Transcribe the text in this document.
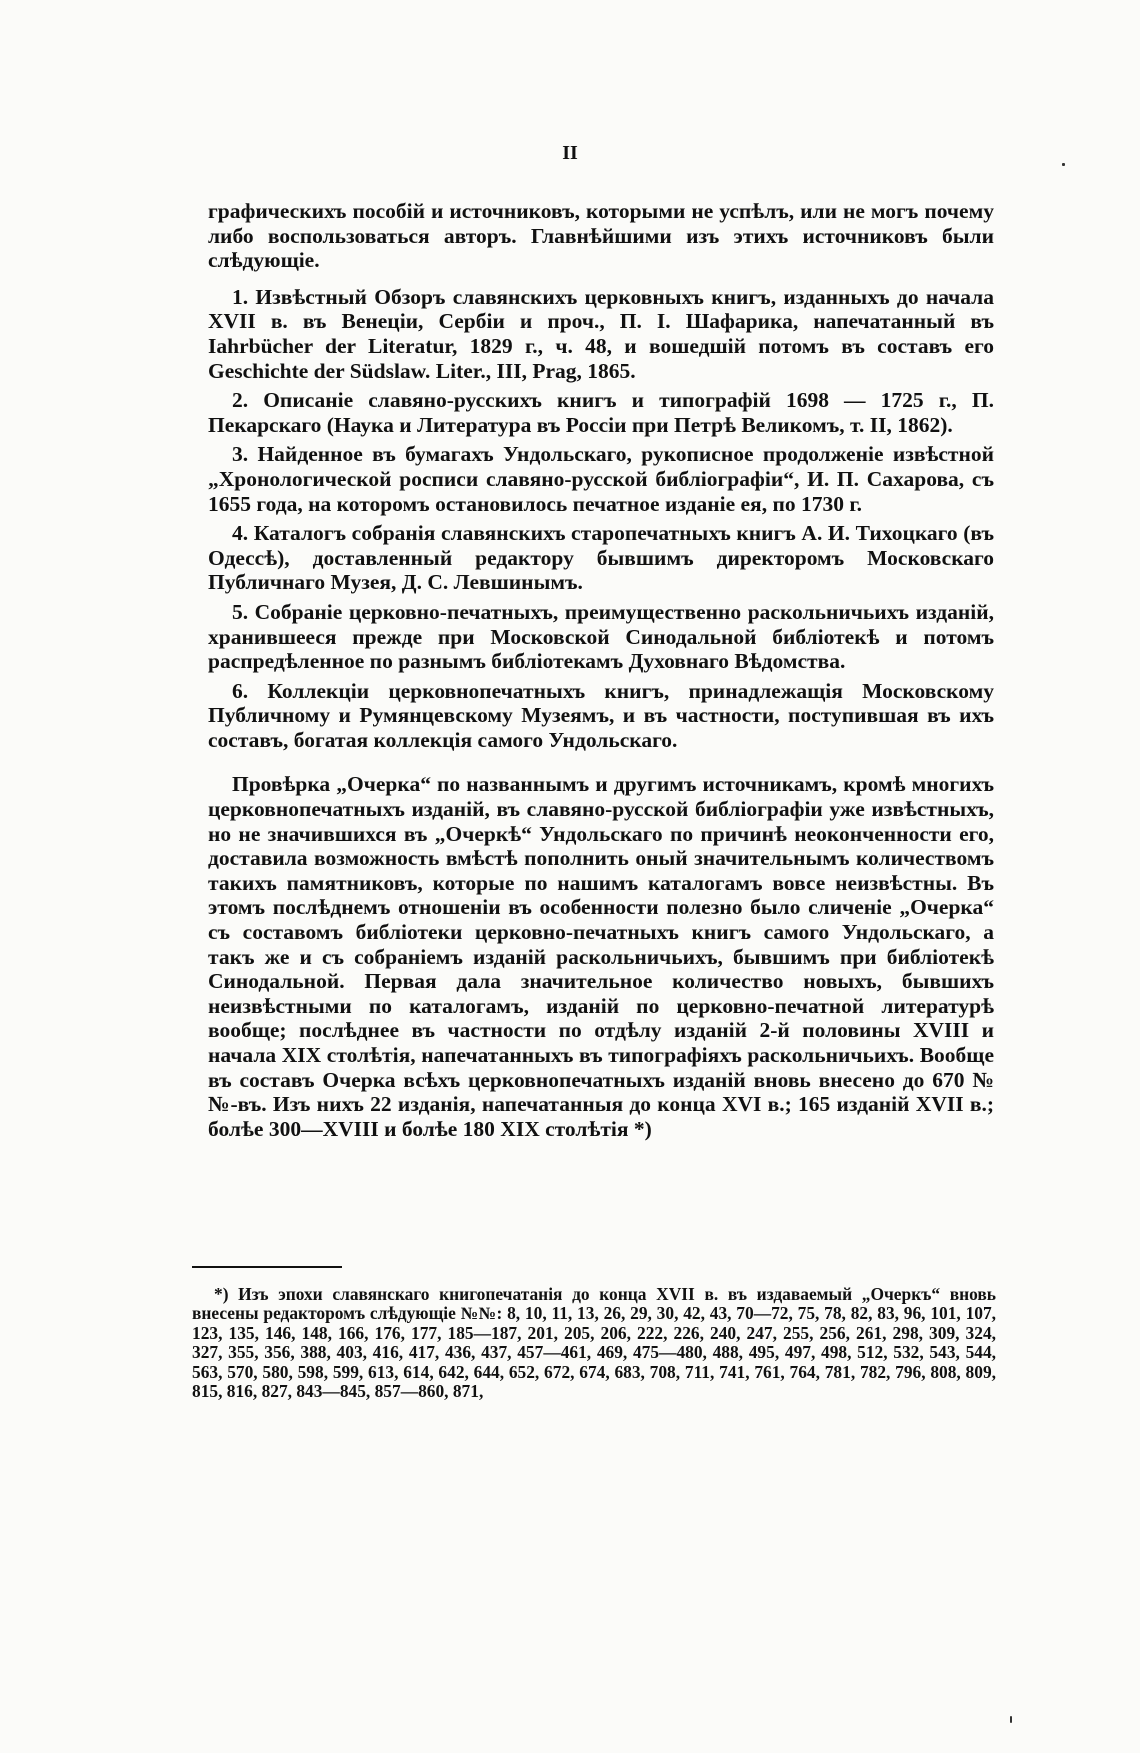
II

графическихъ пособій и источниковъ, которыми не успѣлъ, или не могъ почему либо воспользоваться авторъ. Главнѣйшими изъ этихъ источниковъ были слѣдующіе.

1. Извѣстный Обзоръ славянскихъ церковныхъ книгъ, изданныхъ до начала XVII в. въ Венеціи, Сербіи и проч., П. І. Шафарика, напечатанный въ Iahrbücher der Literatur, 1829 г., ч. 48, и вошедшій потомъ въ составъ его Geschichte der Südslaw. Liter., III, Prag, 1865.

2. Описаніе славяно-русскихъ книгъ и типографій 1698 — 1725 г., П. Пекарскаго (Наука и Литература въ Россіи при Петрѣ Великомъ, т. II, 1862).

3. Найденное въ бумагахъ Ундольскаго, рукописное продолженіе извѣстной „Хронологической росписи славяно-русской библіографіи“, И. П. Сахарова, съ 1655 года, на которомъ остановилось печатное изданіе ея, по 1730 г.

4. Каталогъ собранія славянскихъ старопечатныхъ книгъ А. И. Тихоцкаго (въ Одессѣ), доставленный редактору бывшимъ директоромъ Московскаго Публичнаго Музея, Д. С. Левшинымъ.

5. Собраніе церковно-печатныхъ, преимущественно раскольничьихъ изданій, хранившееся прежде при Московской Синодальной библіотекѣ и потомъ распредѣленное по разнымъ библіотекамъ Духовнаго Вѣдомства.

6. Коллекціи церковнопечатныхъ книгъ, принадлежащія Московскому Публичному и Румянцевскому Музеямъ, и въ частности, поступившая въ ихъ составъ, богатая коллекція самого Ундольскаго.

Провѣрка „Очерка“ по названнымъ и другимъ источникамъ, кромѣ многихъ церковнопечатныхъ изданій, въ славяно-русской библіографіи уже извѣстныхъ, но не значившихся въ „Очеркѣ“ Ундольскаго по причинѣ неоконченности его, доставила возможность вмѣстѣ пополнить оный значительнымъ количествомъ такихъ памятниковъ, которые по нашимъ каталогамъ вовсе неизвѣстны. Въ этомъ послѣднемъ отношеніи въ особенности полезно было сличеніе „Очерка“ съ составомъ библіотеки церковно-печатныхъ книгъ самого Ундольскаго, а такъ же и съ собраніемъ изданій раскольничьихъ, бывшимъ при библіотекѣ Синодальной. Первая дала значительное количество новыхъ, бывшихъ неизвѣстными по каталогамъ, изданій по церковно-печатной литературѣ вообще; послѣднее въ частности по отдѣлу изданій 2-й половины XVIII и начала XIX столѣтія, напечатанныхъ въ типографіяхъ раскольничьихъ. Вообще въ составъ Очерка всѣхъ церковнопечатныхъ изданій вновь внесено до 670 №№-въ. Изъ нихъ 22 изданія, напечатанныя до конца XVI в.; 165 изданій XVII в.; болѣе 300—XVIII и болѣе 180 XIX столѣтія *)

*) Изъ эпохи славянскаго книгопечатанія до конца XVII в. въ издаваемый „Очеркъ“ вновь внесены редакторомъ слѣдующіе №№: 8, 10, 11, 13, 26, 29, 30, 42, 43, 70—72, 75, 78, 82, 83, 96, 101, 107, 123, 135, 146, 148, 166, 176, 177, 185—187, 201, 205, 206, 222, 226, 240, 247, 255, 256, 261, 298, 309, 324, 327, 355, 356, 388, 403, 416, 417, 436, 437, 457—461, 469, 475—480, 488, 495, 497, 498, 512, 532, 543, 544, 563, 570, 580, 598, 599, 613, 614, 642, 644, 652, 672, 674, 683, 708, 711, 741, 761, 764, 781, 782, 796, 808, 809, 815, 816, 827, 843—845, 857—860, 871,
